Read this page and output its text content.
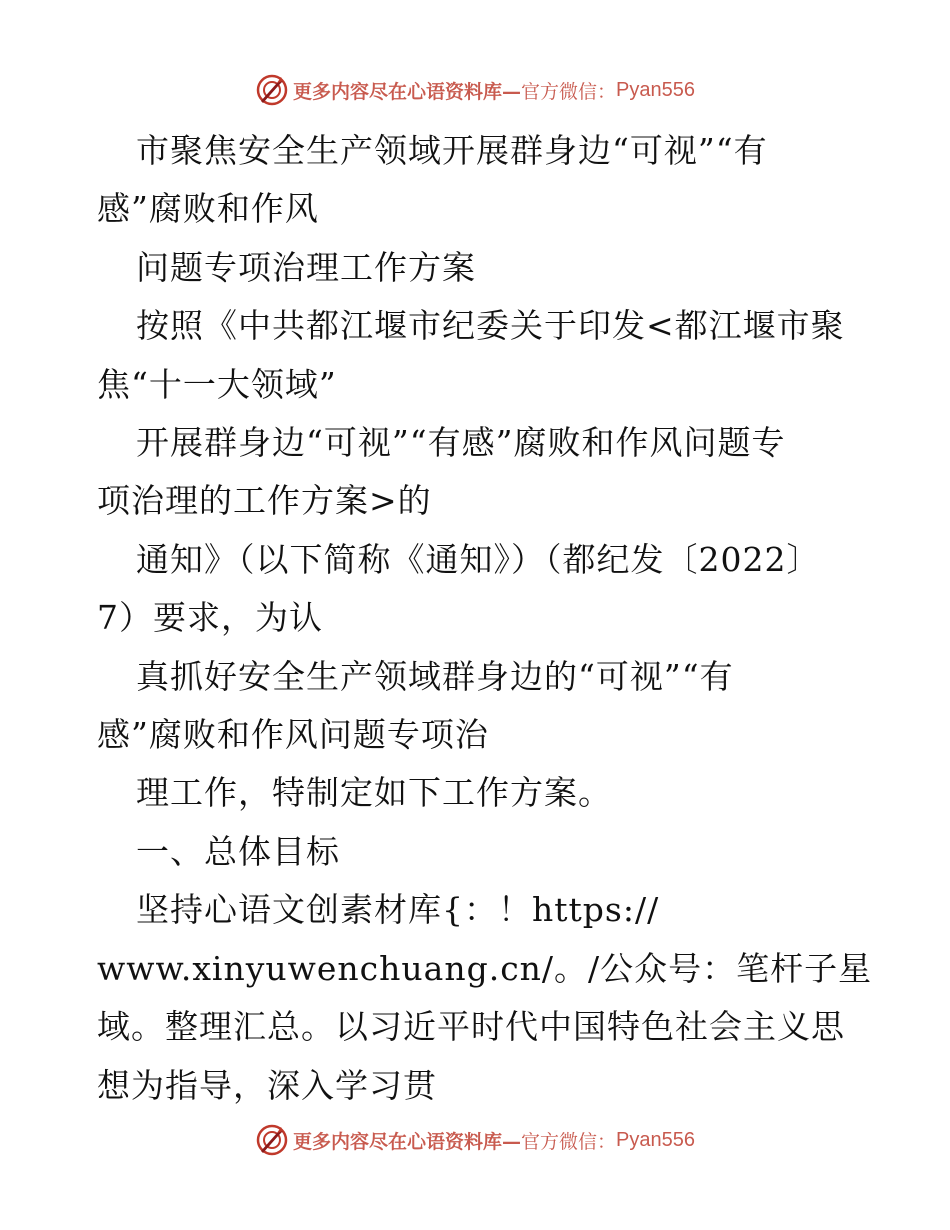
更多内容尽在心语资料库— 官方微信： Pyan556
市聚焦安全生产领域开展群身边“可视”“有
感”腐败和作风
问题专项治理工作方案
按照《中共都江堰市纪委关于印发<都江堰市聚
焦“十一大领域”
开展群身边“可视”“有感”腐败和作风问题专
项治理的工作方案>的
通知》（以下简称《通知》）（都纪发〔2022〕
7）要求，为认
真抓好安全生产领域群身边的“可视”“有
感”腐败和作风问题专项治
理工作，特制定如下工作方案。
一、总体目标
坚持心语文创素材库{：！https://
www.xinyuwenchuang.cn/。/公众号：笔杆子星
域。整理汇总。以习近平时代中国特色社会主义思
想为指导，深入学习贯
更多内容尽在心语资料库— 官方微信： Pyan556
